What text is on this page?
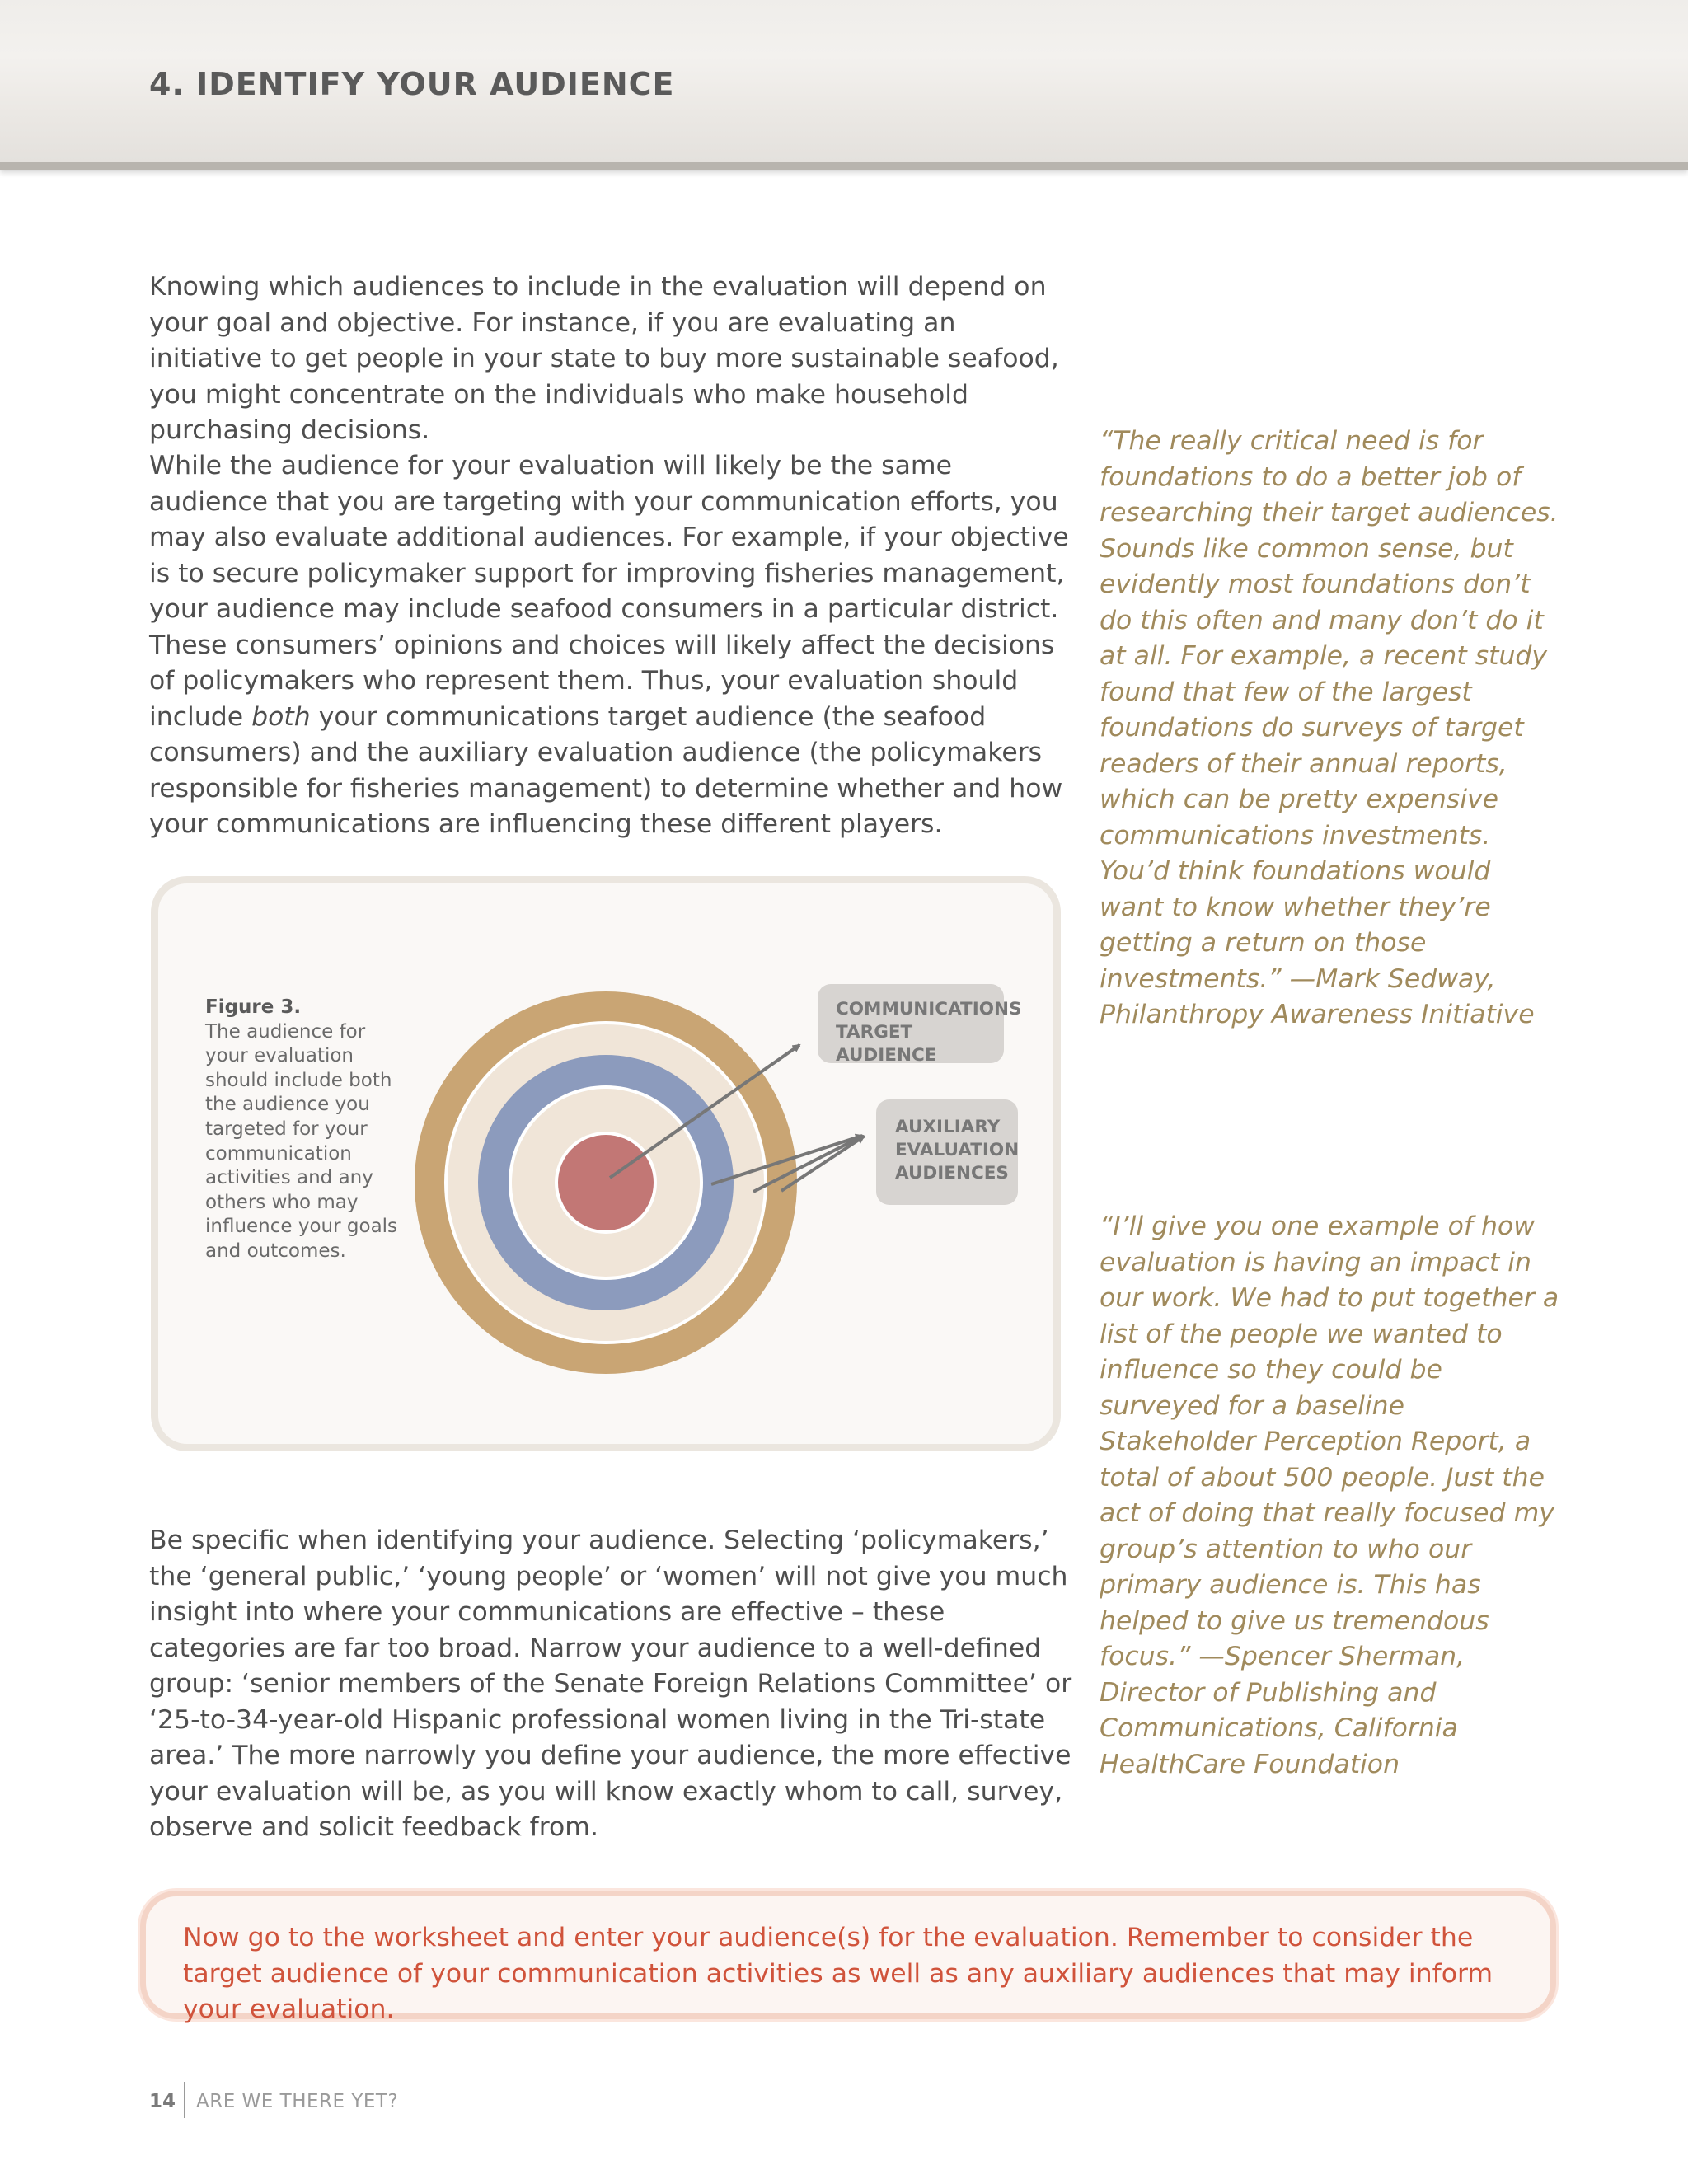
4. IDENTIFY YOUR AUDIENCE

Knowing which audiences to include in the evaluation will depend on your goal and objective. For instance, if you are evaluating an initiative to get people in your state to buy more sustainable seafood, you might concentrate on the individuals who make household purchasing decisions.

While the audience for your evaluation will likely be the same audience that you are targeting with your communication efforts, you may also evaluate additional audiences. For example, if your objective is to secure policymaker support for improving fisheries management, your audience may include seafood consumers in a particular district. These consumers’ opinions and choices will likely affect the decisions of policymakers who represent them. Thus, your evaluation should include both your communications target audience (the seafood consumers) and the auxiliary evaluation audience (the policymakers responsible for fisheries management) to determine whether and how your communications are influencing these different players.

Figure 3.
The audience for your evaluation should include both the audience you targeted for your communication activities and any others who may influence your goals and outcomes.

COMMUNICATIONS
TARGET AUDIENCE
AUXILIARY
EVALUATION
AUDIENCES

Be specific when identifying your audience. Selecting ‘policymakers,’ the ‘general public,’ ‘young people’ or ‘women’ will not give you much insight into where your communications are effective – these categories are far too broad. Narrow your audience to a well-defined group: ‘senior members of the Senate Foreign Relations Committee’ or ‘25-to-34-year-old Hispanic professional women living in the Tri-state area.’ The more narrowly you define your audience, the more effective your evaluation will be, as you will know exactly whom to call, survey, observe and solicit feedback from.

“The really critical need is for foundations to do a better job of researching their target audiences. Sounds like common sense, but evidently most foundations don’t do this often and many don’t do it at all. For example, a recent study found that few of the largest foundations do surveys of target readers of their annual reports, which can be pretty expensive communications investments. You’d think foundations would want to know whether they’re getting a return on those investments.” —Mark Sedway, Philanthropy Awareness Initiative

“I’ll give you one example of how evaluation is having an impact in our work. We had to put together a list of the people we wanted to influence so they could be surveyed for a baseline Stakeholder Perception Report, a total of about 500 people. Just the act of doing that really focused my group’s attention to who our primary audience is. This has helped to give us tremendous focus.” —Spencer Sherman, Director of Publishing and Communications, California HealthCare Foundation

Now go to the worksheet and enter your audience(s) for the evaluation. Remember to consider the target audience of your communication activities as well as any auxiliary audiences that may inform your evaluation.

14 ARE WE THERE YET?
